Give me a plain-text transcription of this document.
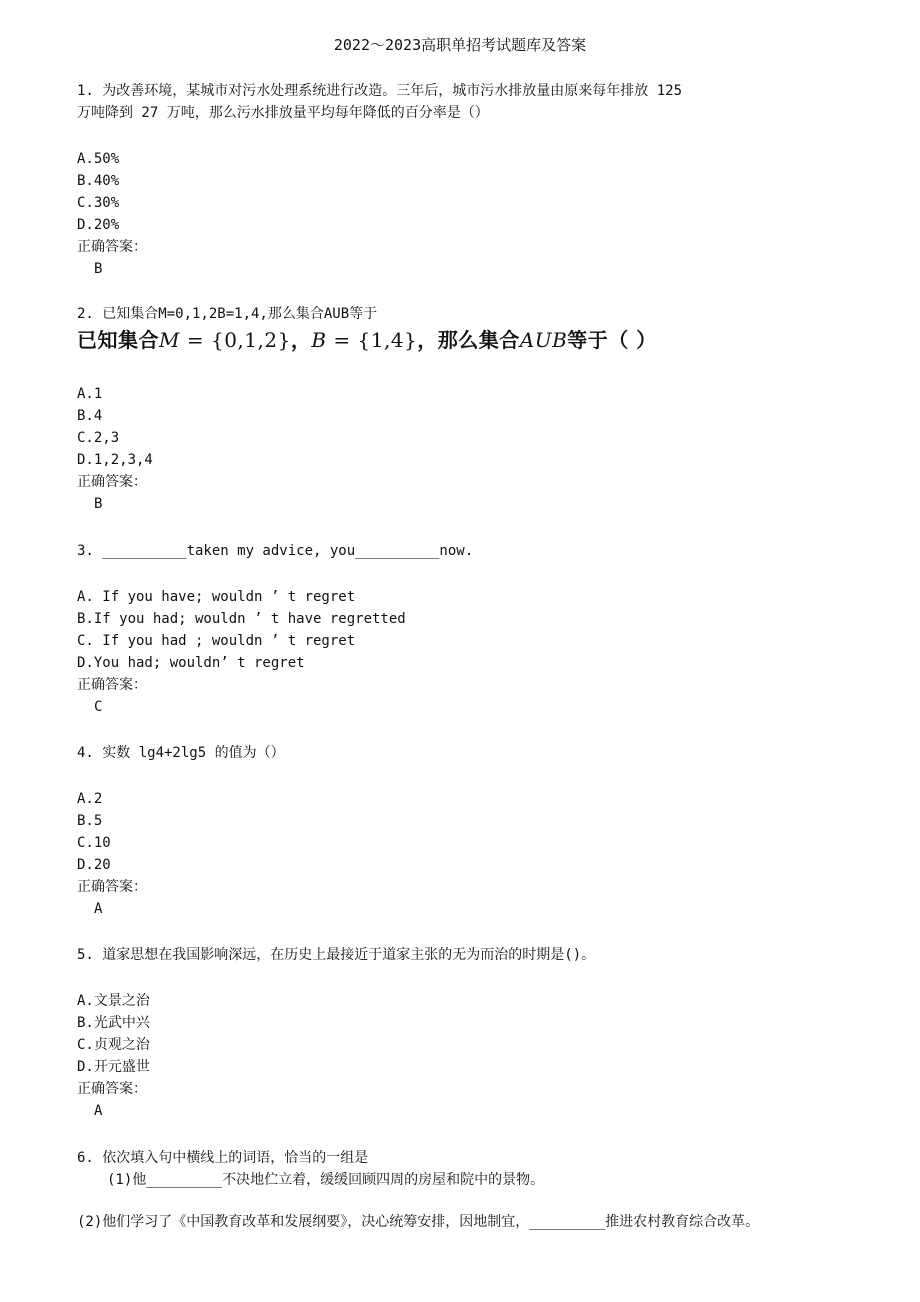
2022～2023高职单招考试题库及答案
1. 为改善环境，某城市对污水处理系统进行改造。三年后，城市污水排放量由原来每年排放 125
万吨降到 27 万吨，那么污水排放量平均每年降低的百分率是（）
A.50%
B.40%
C.30%
D.20%
正确答案：
B
2. 已知集合M=0,1,2B=1,4,那么集合AUB等于
已知集合M = {0,1,2}，B = {1,4}，那么集合AUB等于（ ）
A.1
B.4
C.2,3
D.1,2,3,4
正确答案：
B
3. __________taken my advice, you__________now.
A. If you have; wouldn ’ t regret
B.If you had; wouldn ’ t have regretted
C. If you had ; wouldn ’ t regret
D.You had; wouldn’ t regret
正确答案：
C
4. 实数 lg4+2lg5 的值为（）
A.2
B.5
C.10
D.20
正确答案：
A
5. 道家思想在我国影响深远，在历史上最接近于道家主张的无为而治的时期是()。
A.文景之治
B.光武中兴
C.贞观之治
D.开元盛世
正确答案：
A
6. 依次填入句中横线上的词语，恰当的一组是
(1)他_________不决地伫立着，缓缓回顾四周的房屋和院中的景物。
(2)他们学习了《中国教育改革和发展纲要》，决心统筹安排，因地制宜，_________推进农村教育综合改革。
